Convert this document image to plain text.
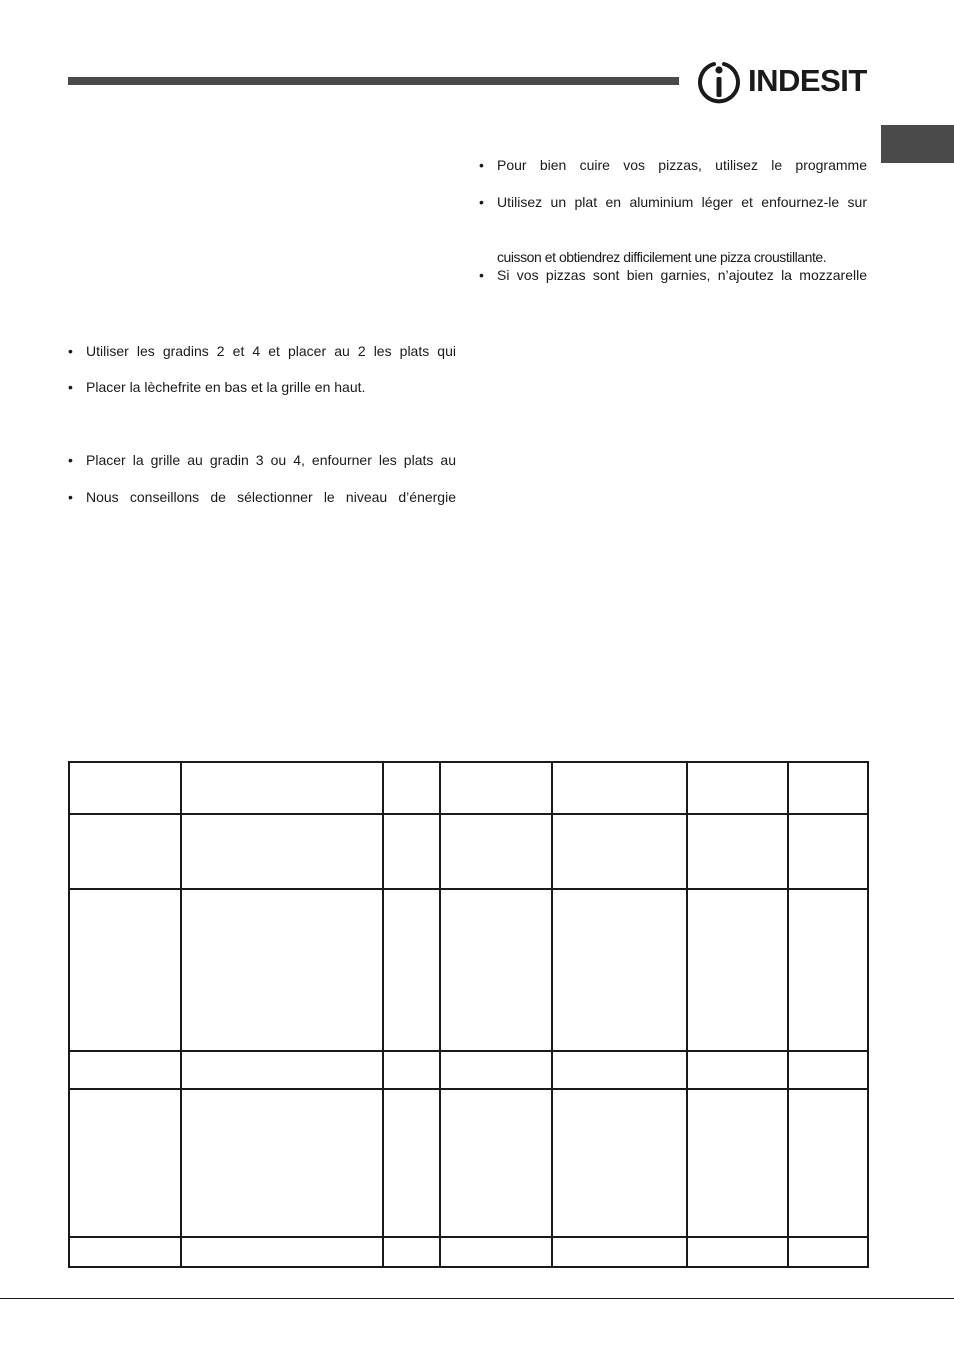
INDESIT
• Pour bien cuire vos pizzas, utilisez le programme
• Utilisez un plat en aluminium léger et enfournez-le sur
cuisson et obtiendrez difficilement une pizza croustillante.
• Si vos pizzas sont bien garnies, n’ajoutez la mozzarelle
• Utiliser les gradins 2 et 4 et placer au 2 les plats qui
• Placer la lèchefrite en bas et la grille en haut.
• Placer la grille au gradin 3 ou 4, enfourner les plats au
• Nous conseillons de sélectionner le niveau d’énergie
